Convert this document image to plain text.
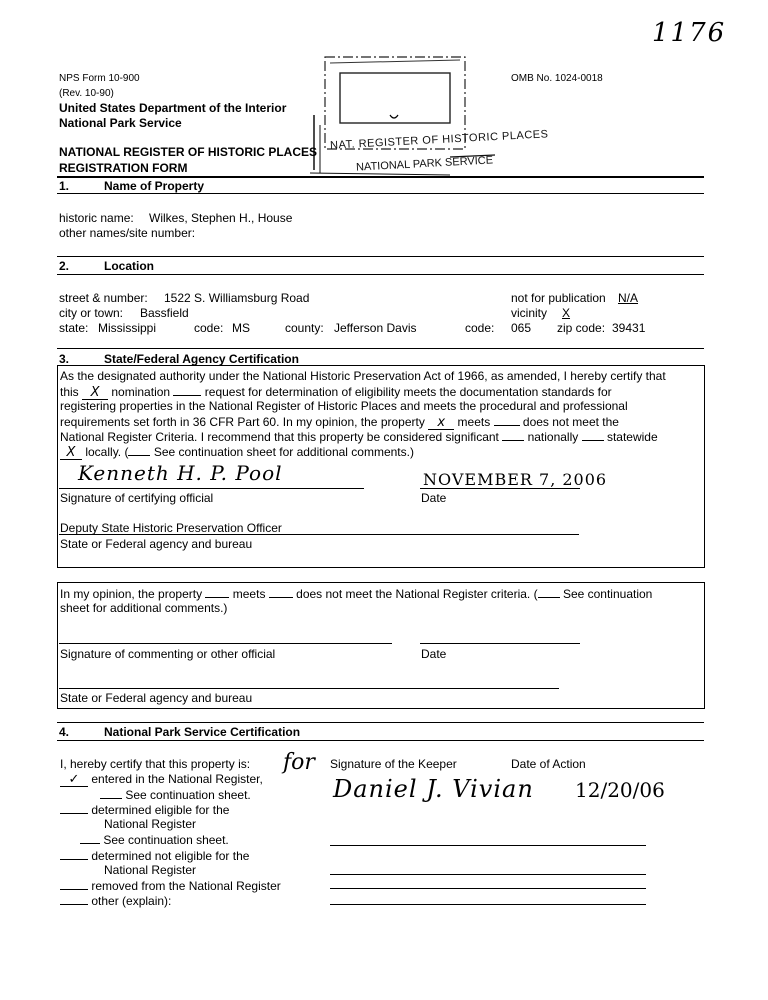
1176
NAT. REGISTER OF HISTORIC PLACES
NATIONAL PARK SERVICE
NPS Form 10-900
(Rev. 10-90)
OMB No. 1024-0018
United States Department of the Interior
National Park Service
NATIONAL REGISTER OF HISTORIC PLACES
REGISTRATION FORM
1.	Name of Property
historic name: Wilkes, Stephen H., House
other names/site number:
2.	Location
street & number: 1522 S. Williamsburg Road	not for publication N/A
city or town: Bassfield	vicinity	X
state: Mississippi	code: MS	county: Jefferson Davis	code: 065 zip code: 39431
3.	State/Federal Agency Certification
As the designated authority under the National Historic Preservation Act of 1966, as amended, I hereby certify that
this X nomination	request for determination of eligibility meets the documentation standards for
registering properties in the National Register of Historic Places and meets the procedural and professional
requirements set forth in 36 CFR Part 60. In my opinion, the property x meets	does not meet the
National Register Criteria. I recommend that this property be considered significant nationally statewide
X locally. ( See continuation sheet for additional comments.)
Kenneth H. P. Pool	NOVEMBER 7, 2006
Signature of certifying official	Date
Deputy State Historic Preservation Officer
State or Federal agency and bureau
In my opinion, the property	meets	does not meet the National Register criteria. ( See continuation
sheet for additional comments.)
Signature of commenting or other official	Date
State or Federal agency and bureau
4.	National Park Service Certification
I, hereby certify that this property is:
✓ entered in the National Register,
See continuation sheet.
determined eligible for the
National Register
See continuation sheet.
determined not eligible for the
National Register
removed from the National Register
other (explain):
for Signature of the Keeper	Date of Action
Daniel J. Vivian 12/20/06
